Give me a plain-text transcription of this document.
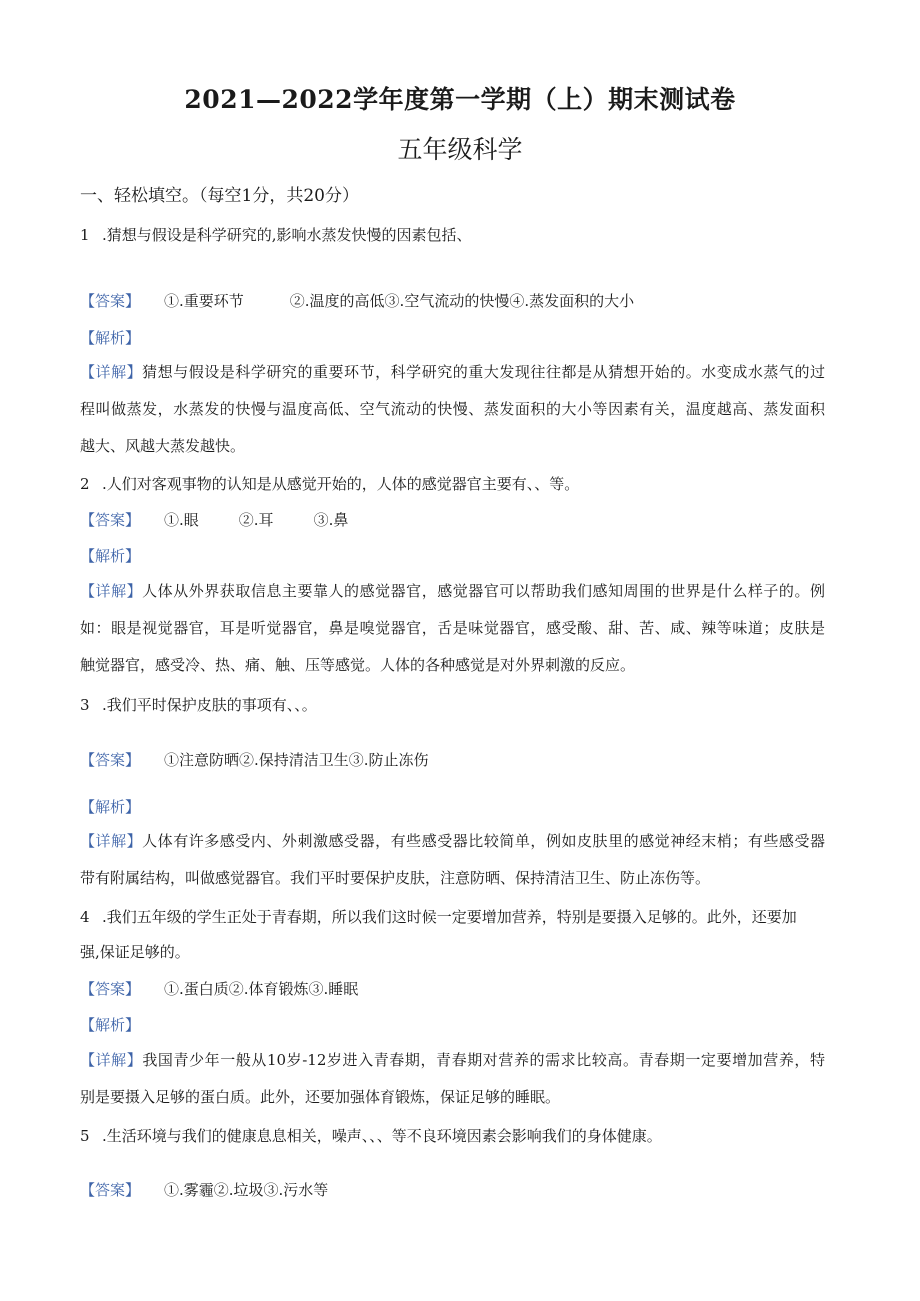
2021—2022学年度第一学期（上）期末测试卷
五年级科学
一、轻松填空。（每空1分，共20分）
1 .猜想与假设是科学研究的,影响水蒸发快慢的因素包括、
【答案】 ①.重要环节	②.温度的高低③.空气流动的快慢④.蒸发面积的大小
【解析】

【详解】猜想与假设是科学研究的重要环节，科学研究的重大发现往往都是从猜想开始的。水变成水蒸气的过

程叫做蒸发，水蒸发的快慢与温度高低、空气流动的快慢、蒸发面积的大小等因素有关，温度越高、蒸发面积

越大、风越大蒸发越快。

2 .人们对客观事物的认知是从感觉开始的，人体的感觉器官主要有、、等。
【答案】 ①.眼	②.耳	③.鼻
【解析】

【详解】人体从外界获取信息主要靠人的感觉器官，感觉器官可以帮助我们感知周围的世界是什么样子的。例

如：眼是视觉器官，耳是听觉器官，鼻是嗅觉器官，舌是味觉器官，感受酸、甜、苦、咸、辣等味道；皮肤是

触觉器官，感受冷、热、痛、触、压等感觉。人体的各种感觉是对外界刺激的反应。

3 .我们平时保护皮肤的事项有、、。
【答案】 ①注意防晒②.保持清洁卫生③.防止冻伤
【解析】

【详解】人体有许多感受内、外刺激感受器，有些感受器比较简单，例如皮肤里的感觉神经末梢；有些感受器

带有附属结构，叫做感觉器官。我们平时要保护皮肤，注意防晒、保持清洁卫生、防止冻伤等。

4 .我们五年级的学生正处于青春期，所以我们这时候一定要增加营养，特别是要摄入足够的。此外，还要加
强,保证足够的。
【答案】 ①.蛋白质②.体育锻炼③.睡眠
【解析】

【详解】我国青少年一般从10岁-12岁进入青春期，青春期对营养的需求比较高。青春期一定要增加营养，特

别是要摄入足够的蛋白质。此外，还要加强体育锻炼，保证足够的睡眠。

5 .生活环境与我们的健康息息相关，噪声、、、等不良环境因素会影响我们的身体健康。
【答案】 ①.雾霾②.垃圾③.污水等
